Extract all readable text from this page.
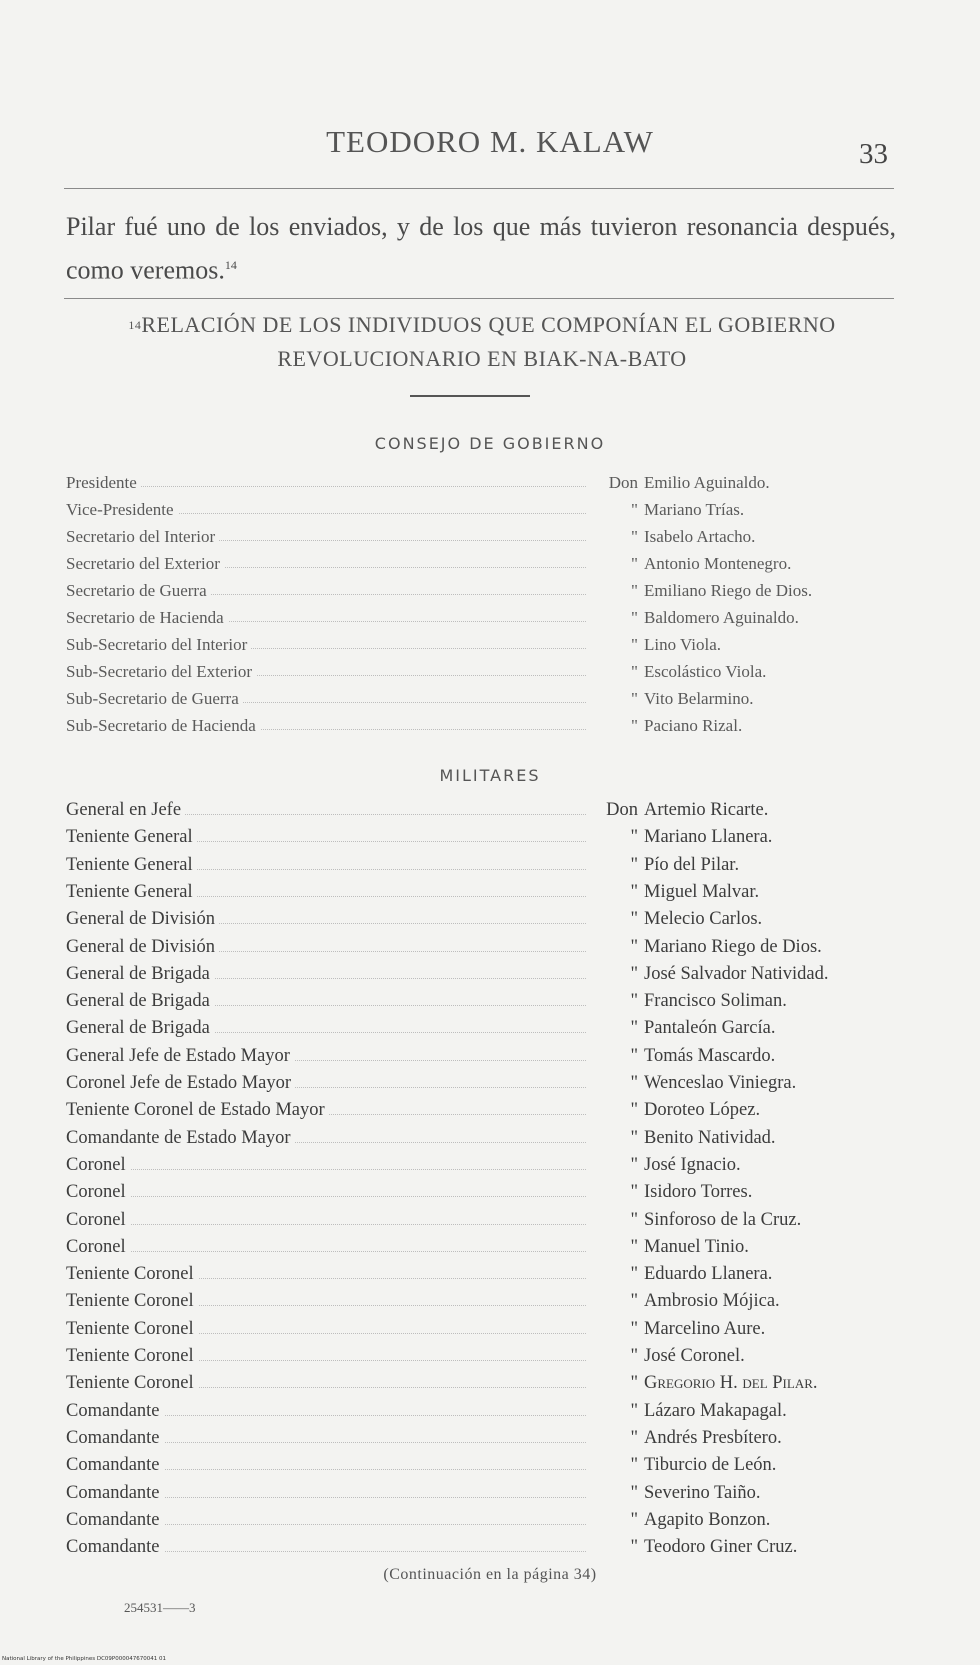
TEODORO M. KALAW	33
Pilar fué uno de los enviados, y de los que más tuvieron resonancia después, como veremos.$^{14}$
$^{14}$RELACIÓN DE LOS INDIVIDUOS QUE COMPONÍAN EL GOBIERNO
REVOLUCIONARIO EN BIAK-NA-BATO
CONSEJO DE GOBIERNO
Presidente	Don Emilio Aguinaldo.
Vice-Presidente	" Mariano Trías.
Secretario del Interior	" Isabelo Artacho.
Secretario del Exterior	" Antonio Montenegro.
Secretario de Guerra	" Emiliano Riego de Dios.
Secretario de Hacienda	" Baldomero Aguinaldo.
Sub-Secretario del Interior	" Lino Viola.
Sub-Secretario del Exterior	" Escolástico Viola.
Sub-Secretario de Guerra	" Vito Belarmino.
Sub-Secretario de Hacienda	" Paciano Rizal.
MILITARES
General en Jefe	Don Artemio Ricarte.
Teniente General	" Mariano Llanera.
Teniente General	" Pío del Pilar.
Teniente General	" Miguel Malvar.
General de División	" Melecio Carlos.
General de División	" Mariano Riego de Dios.
General de Brigada	" José Salvador Natividad.
General de Brigada	" Francisco Soliman.
General de Brigada	" Pantaleón García.
General Jefe de Estado Mayor	" Tomás Mascardo.
Coronel Jefe de Estado Mayor	" Wenceslao Viniegra.
Teniente Coronel de Estado Mayor	" Doroteo López.
Comandante de Estado Mayor	" Benito Natividad.
Coronel	" José Ignacio.
Coronel	" Isidoro Torres.
Coronel	" Sinforoso de la Cruz.
Coronel	" Manuel Tinio.
Teniente Coronel	" Eduardo Llanera.
Teniente Coronel	" Ambrosio Mójica.
Teniente Coronel	" Marcelino Aure.
Teniente Coronel	" José Coronel.
Teniente Coronel	" Gregorio H. del Pilar.
Comandante	" Lázaro Makapagal.
Comandante	" Andrés Presbítero.
Comandante	" Tiburcio de León.
Comandante	" Severino Taiño.
Comandante	" Agapito Bonzon.
Comandante	" Teodoro Giner Cruz.
(Continuación en la página 34)
254531——3
National Library of the Philippines DC09P000047670041 01
